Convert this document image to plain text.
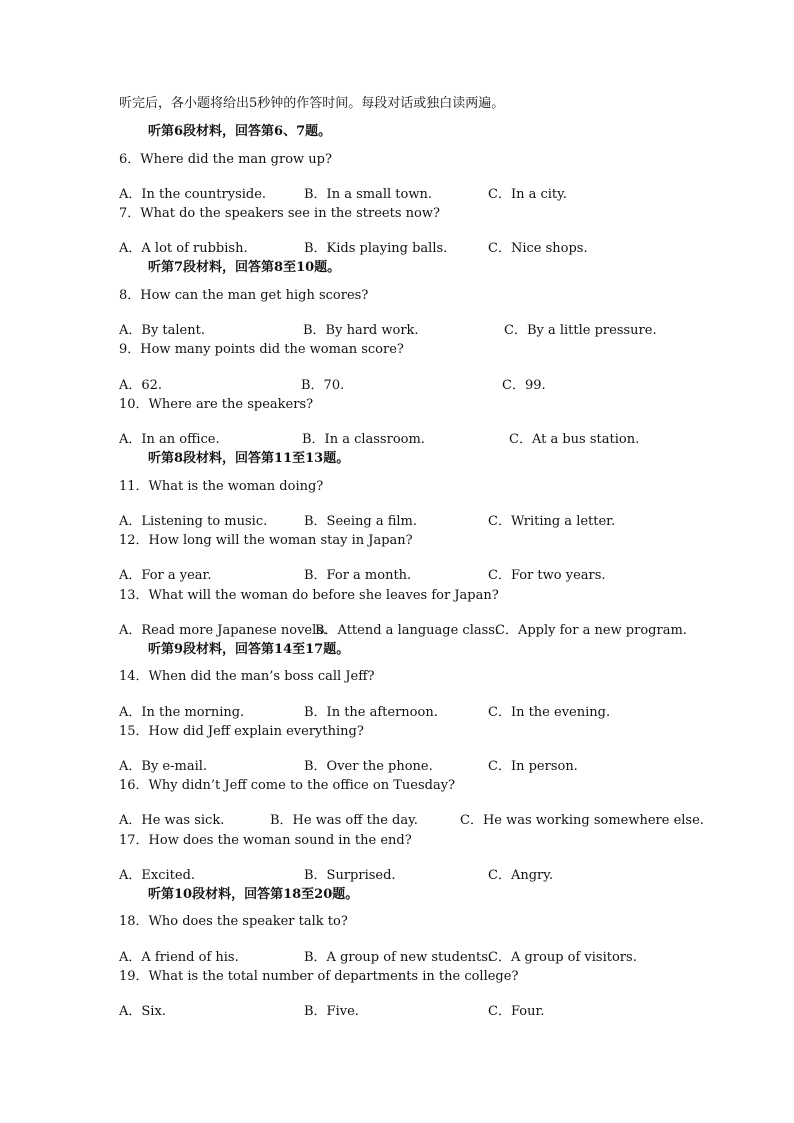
听完后，各小题将给出5秒钟的作答时间。每段对话或独白读两遍。
听第6段材料，回答第6、7题。
6．Where did the man grow up?
A．In the countryside.	B．In a small town.	C．In a city.
7．What do the speakers see in the streets now?
A．A lot of rubbish.	B．Kids playing balls.	C．Nice shops.
听第7段材料，回答第8至10题。
8．How can the man get high scores?
A．By talent.	B．By hard work.	C．By a little pressure.
9．How many points did the woman score?
A．62.	B．70.	C．99.
10．Where are the speakers?
A．In an office.	B．In a classroom.	C．At a bus station.
听第8段材料，回答第11至13题。
11．What is the woman doing?
A．Listening to music.	B．Seeing a film.	C．Writing a letter.
12．How long will the woman stay in Japan?
A．For a year.	B．For a month.	C．For two years.
13．What will the woman do before she leaves for Japan?
A．Read more Japanese novels.
B．Attend a language class.
C．Apply for a new program.
听第9段材料，回答第14至17题。
14．When did the man’s boss call Jeff?
A．In the morning.	B．In the afternoon.	C．In the evening.
15．How did Jeff explain everything?
A．By e-mail.	B．Over the phone.	C．In person.
16．Why didn’t Jeff come to the office on Tuesday?
A．He was sick.	B．He was off the day.	C．He was working somewhere else.
17．How does the woman sound in the end?
A．Excited.	B．Surprised.	C．Angry.
听第10段材料，回答第18至20题。
18．Who does the speaker talk to?
A．A friend of his.	B．A group of new students.
C．A group of visitors.
19．What is the total number of departments in the college?
A．Six.	B．Five.	C．Four.
